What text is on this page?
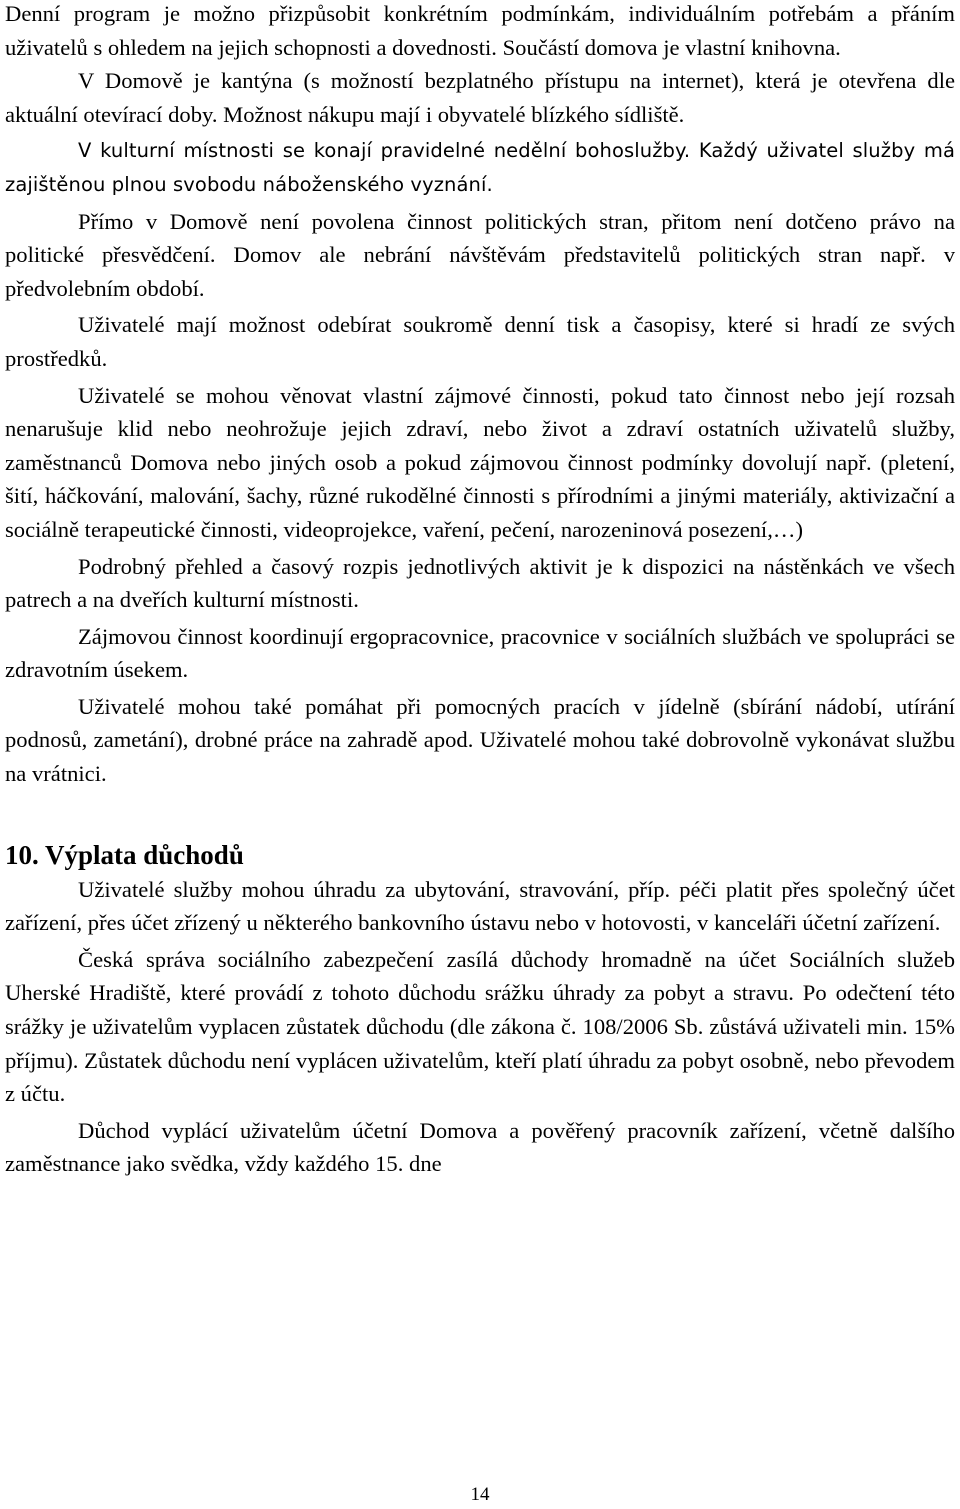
Denní program je možno přizpůsobit konkrétním podmínkám, individuálním potřebám a přáním uživatelů s ohledem na jejich schopnosti a dovednosti. Součástí domova je vlastní knihovna.

V Domově je kantýna (s možností bezplatného přístupu na internet), která je otevřena dle aktuální otevírací doby. Možnost nákupu mají i obyvatelé blízkého sídliště.

V kulturní místnosti se konají pravidelné nedělní bohoslužby. Každý uživatel služby má zajištěnou plnou svobodu náboženského vyznání.

Přímo v Domově není povolena činnost politických stran, přitom není dotčeno právo na politické přesvědčení. Domov ale nebrání návštěvám představitelů politických stran např. v předvolebním období.

Uživatelé mají možnost odebírat soukromě denní tisk a časopisy, které si hradí ze svých prostředků.

Uživatelé se mohou věnovat vlastní zájmové činnosti, pokud tato činnost nebo její rozsah nenarušuje klid nebo neohrožuje jejich zdraví, nebo život a zdraví ostatních uživatelů služby, zaměstnanců Domova nebo jiných osob a pokud zájmovou činnost podmínky dovolují např. (pletení, šití, háčkování, malování, šachy, různé rukodělné činnosti s přírodními a jinými materiály, aktivizační a sociálně terapeutické činnosti, videoprojekce, vaření, pečení, narozeninová posezení,…)

Podrobný přehled a časový rozpis jednotlivých aktivit je k dispozici na nástěnkách ve všech patrech a na dveřích kulturní místnosti.

Zájmovou činnost koordinují ergopracovnice, pracovnice v sociálních službách ve spolupráci se zdravotním úsekem.

Uživatelé mohou také pomáhat při pomocných pracích v jídelně (sbírání nádobí, utírání podnosů, zametání), drobné práce na zahradě apod. Uživatelé mohou také dobrovolně vykonávat službu na vrátnici.

10. Výplata důchodů

Uživatelé služby mohou úhradu za ubytování, stravování, příp. péči platit přes společný účet zařízení, přes účet zřízený u některého bankovního ústavu nebo v hotovosti, v kanceláři účetní zařízení.

Česká správa sociálního zabezpečení zasílá důchody hromadně na účet Sociálních služeb Uherské Hradiště, které provádí z tohoto důchodu srážku úhrady za pobyt a stravu. Po odečtení této srážky je uživatelům vyplacen zůstatek důchodu (dle zákona č. 108/2006 Sb. zůstává uživateli min. 15% příjmu). Zůstatek důchodu není vyplácen uživatelům, kteří platí úhradu za pobyt osobně, nebo převodem z účtu.

Důchod vyplácí uživatelům účetní Domova a pověřený pracovník zařízení, včetně dalšího zaměstnance jako svědka, vždy každého 15. dne

14
